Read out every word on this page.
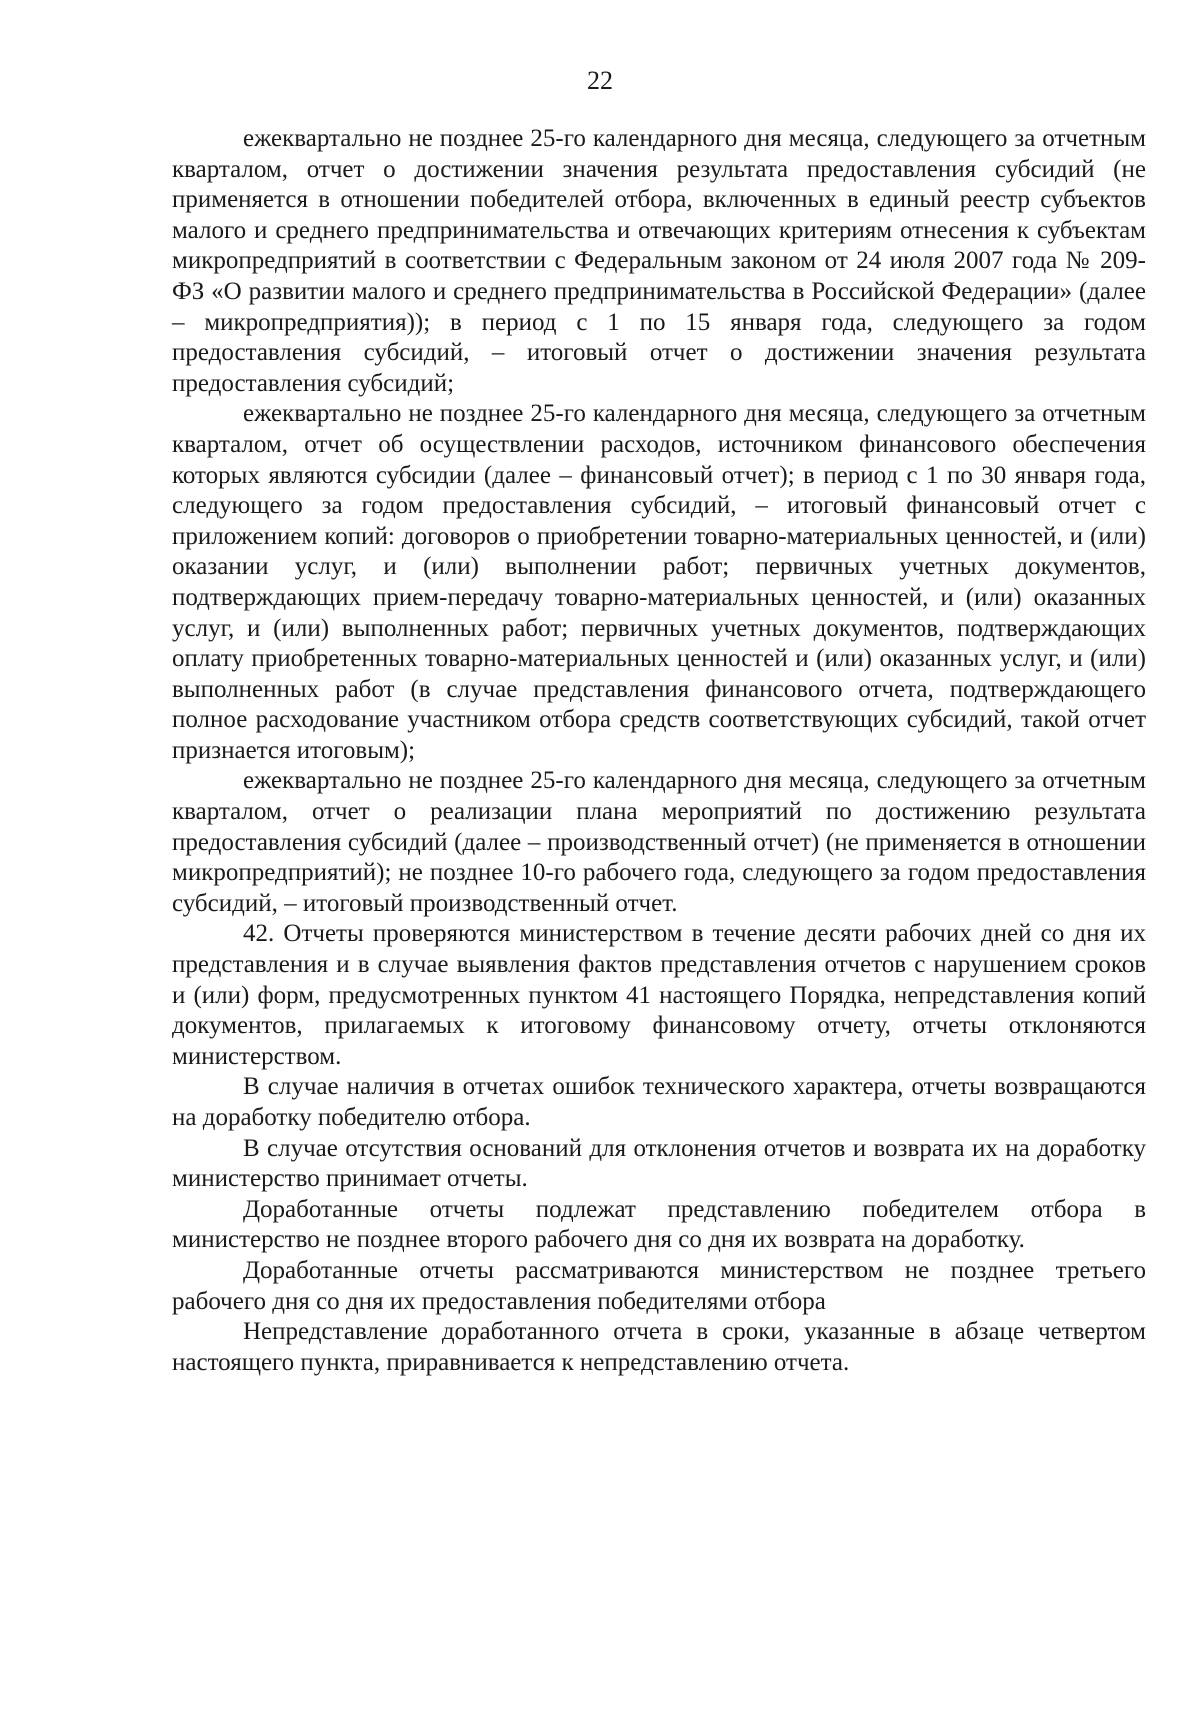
22

ежеквартально не позднее 25-го календарного дня месяца, следующего за отчетным кварталом, отчет о достижении значения результата предоставления субсидий (не применяется в отношении победителей отбора, включенных в единый реестр субъектов малого и среднего предпринимательства и отвечающих критериям отнесения к субъектам микропредприятий в соответствии с Федеральным законом от 24 июля 2007 года № 209-ФЗ «О развитии малого и среднего предпринимательства в Российской Федерации» (далее – микропредприятия)); в период с 1 по 15 января года, следующего за годом предоставления субсидий, – итоговый отчет о достижении значения результата предоставления субсидий;

ежеквартально не позднее 25-го календарного дня месяца, следующего за отчетным кварталом, отчет об осуществлении расходов, источником финансового обеспечения которых являются субсидии (далее – финансовый отчет); в период с 1 по 30 января года, следующего за годом предоставления субсидий, – итоговый финансовый отчет с приложением копий: договоров о приобретении товарно-материальных ценностей, и (или) оказании услуг, и (или) выполнении работ; первичных учетных документов, подтверждающих прием-передачу товарно-материальных ценностей, и (или) оказанных услуг, и (или) выполненных работ; первичных учетных документов, подтверждающих оплату приобретенных товарно-материальных ценностей и (или) оказанных услуг, и (или) выполненных работ (в случае представления финансового отчета, подтверждающего полное расходование участником отбора средств соответствующих субсидий, такой отчет признается итоговым);

ежеквартально не позднее 25-го календарного дня месяца, следующего за отчетным кварталом, отчет о реализации плана мероприятий по достижению результата предоставления субсидий (далее – производственный отчет) (не применяется в отношении микропредприятий); не позднее 10-го рабочего года, следующего за годом предоставления субсидий, – итоговый производственный отчет.

42. Отчеты проверяются министерством в течение десяти рабочих дней со дня их представления и в случае выявления фактов представления отчетов с нарушением сроков и (или) форм, предусмотренных пунктом 41 настоящего Порядка, непредставления копий документов, прилагаемых к итоговому финансовому отчету, отчеты отклоняются министерством.

В случае наличия в отчетах ошибок технического характера, отчеты возвращаются на доработку победителю отбора.

В случае отсутствия оснований для отклонения отчетов и возврата их на доработку министерство принимает отчеты.

Доработанные отчеты подлежат представлению победителем отбора в министерство не позднее второго рабочего дня со дня их возврата на доработку.

Доработанные отчеты рассматриваются министерством не позднее третьего рабочего дня со дня их предоставления победителями отбора

Непредставление доработанного отчета в сроки, указанные в абзаце четвертом настоящего пункта, приравнивается к непредставлению отчета.
